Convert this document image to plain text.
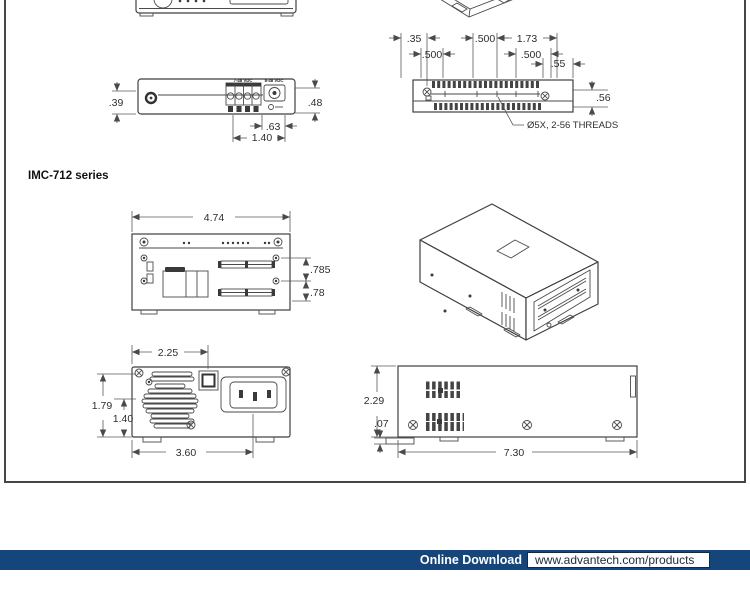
7-48 VDC	8-48 VDC
.39	.48
.63
1.40
.35	.500 1.73
.500	.500
.55
.56
Ø5X, 2-56 THREADS
4.74
.785
.78
2.25
1.79
1.40
3.60
2.29
.07
7.30
IMC-712 series
Online Download	www.advantech.com/products
